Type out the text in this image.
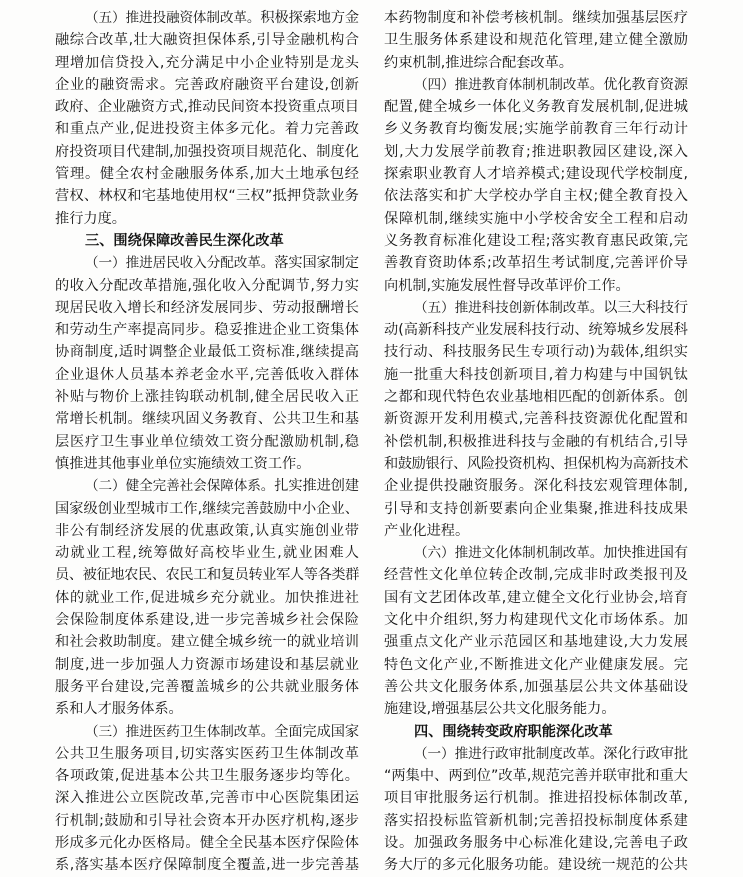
（五）推进投融资体制改革。积极探索地方金
融综合改革,壮大融资担保体系,引导金融机构合
理增加信贷投入,充分满足中小企业特别是龙头
企业的融资需求。完善政府融资平台建设,创新
政府、企业融资方式,推动民间资本投资重点项目
和重点产业,促进投资主体多元化。着力完善政
府投资项目代建制,加强投资项目规范化、制度化
管理。健全农村金融服务体系,加大土地承包经
营权、林权和宅基地使用权“三权”抵押贷款业务
推行力度。
三、围绕保障改善民生深化改革
（一）推进居民收入分配改革。落实国家制定
的收入分配改革措施,强化收入分配调节,努力实
现居民收入增长和经济发展同步、劳动报酬增长
和劳动生产率提高同步。稳妥推进企业工资集体
协商制度,适时调整企业最低工资标准,继续提高
企业退休人员基本养老金水平,完善低收入群体
补贴与物价上涨挂钩联动机制,健全居民收入正
常增长机制。继续巩固义务教育、公共卫生和基
层医疗卫生事业单位绩效工资分配激励机制,稳
慎推进其他事业单位实施绩效工资工作。
（二）健全完善社会保障体系。扎实推进创建
国家级创业型城市工作,继续完善鼓励中小企业、
非公有制经济发展的优惠政策,认真实施创业带
动就业工程,统筹做好高校毕业生,就业困难人
员、被征地农民、农民工和复员转业军人等各类群
体的就业工作,促进城乡充分就业。加快推进社
会保险制度体系建设,进一步完善城乡社会保险
和社会救助制度。建立健全城乡统一的就业培训
制度,进一步加强人力资源市场建设和基层就业
服务平台建设,完善覆盖城乡的公共就业服务体
系和人才服务体系。
（三）推进医药卫生体制改革。全面完成国家
公共卫生服务项目,切实落实医药卫生体制改革
各项政策,促进基本公共卫生服务逐步均等化。
深入推进公立医院改革,完善市中心医院集团运
行机制;鼓励和引导社会资本开办医疗机构,逐步
形成多元化办医格局。健全全民基本医疗保险体
系,落实基本医疗保障制度全覆盖,进一步完善基
本药物制度和补偿考核机制。继续加强基层医疗
卫生服务体系建设和规范化管理,建立健全激励
约束机制,推进综合配套改革。
（四）推进教育体制机制改革。优化教育资源
配置,健全城乡一体化义务教育发展机制,促进城
乡义务教育均衡发展;实施学前教育三年行动计
划,大力发展学前教育;推进职教园区建设,深入
探索职业教育人才培养模式;建设现代学校制度,
依法落实和扩大学校办学自主权;健全教育投入
保障机制,继续实施中小学校舍安全工程和启动
义务教育标准化建设工程;落实教育惠民政策,完
善教育资助体系;改革招生考试制度,完善评价导
向机制,实施发展性督导改革评价工作。
（五）推进科技创新体制改革。以三大科技行
动(高新科技产业发展科技行动、统筹城乡发展科
技行动、科技服务民生专项行动)为载体,组织实
施一批重大科技创新项目,着力构建与中国钒钛
之都和现代特色农业基地相匹配的创新体系。创
新资源开发利用模式,完善科技资源优化配置和
补偿机制,积极推进科技与金融的有机结合,引导
和鼓励银行、风险投资机构、担保机构为高新技术
企业提供投融资服务。深化科技宏观管理体制,
引导和支持创新要素向企业集聚,推进科技成果
产业化进程。
（六）推进文化体制机制改革。加快推进国有
经营性文化单位转企改制,完成非时政类报刊及
国有文艺团体改革,建立健全文化行业协会,培育
文化中介组织,努力构建现代文化市场体系。加
强重点文化产业示范园区和基地建设,大力发展
特色文化产业,不断推进文化产业健康发展。完
善公共文化服务体系,加强基层公共文体基础设
施建设,增强基层公共文化服务能力。
四、围绕转变政府职能深化改革
（一）推进行政审批制度改革。深化行政审批
“两集中、两到位”改革,规范完善并联审批和重大
项目审批服务运行机制。推进招投标体制改革,
落实招投标监管新机制;完善招投标制度体系建
设。加强政务服务中心标准化建设,完善电子政
务大厅的多元化服务功能。建设统一规范的公共
